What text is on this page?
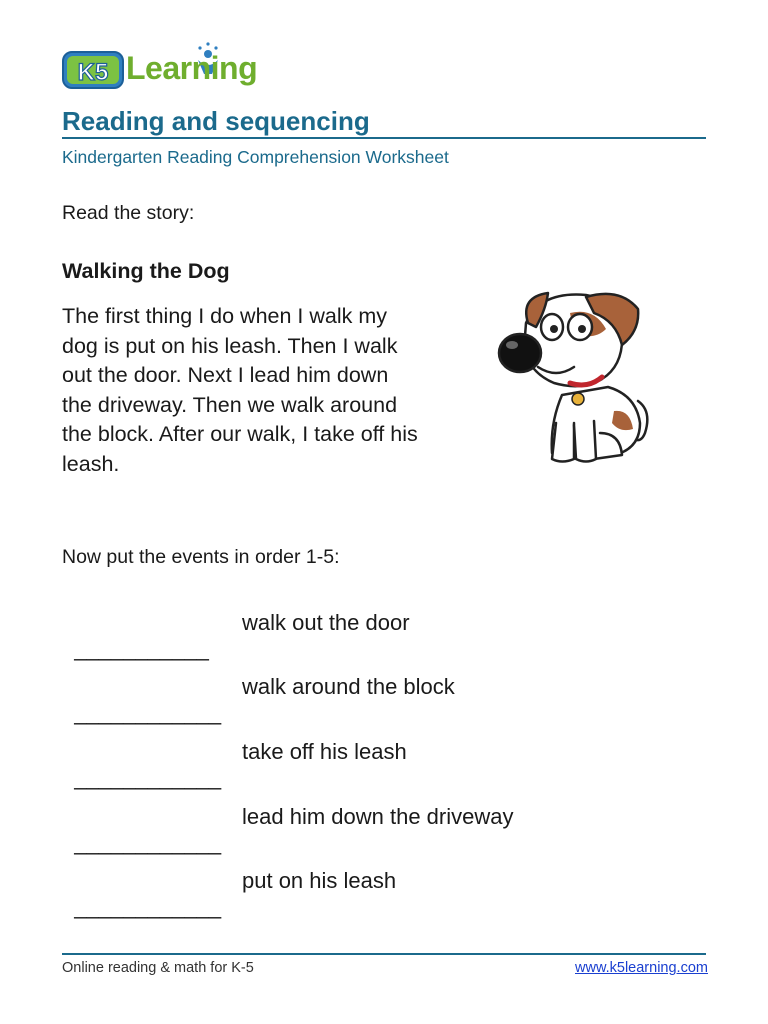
K5 Learning
Reading and sequencing
Kindergarten Reading Comprehension Worksheet
Read the story:
Walking the Dog
The first thing I do when I walk my
dog is put on his leash. Then I walk
out the door. Next I lead him down
the driveway. Then we walk around
the block. After our walk, I take off his
leash.
Now put the events in order 1-5:

___________

walk out the door

____________

walk around the block

____________

take off his leash

____________

lead him down the driveway

____________

put on his leash

Online reading & math for K-5	www.k5learning.com
